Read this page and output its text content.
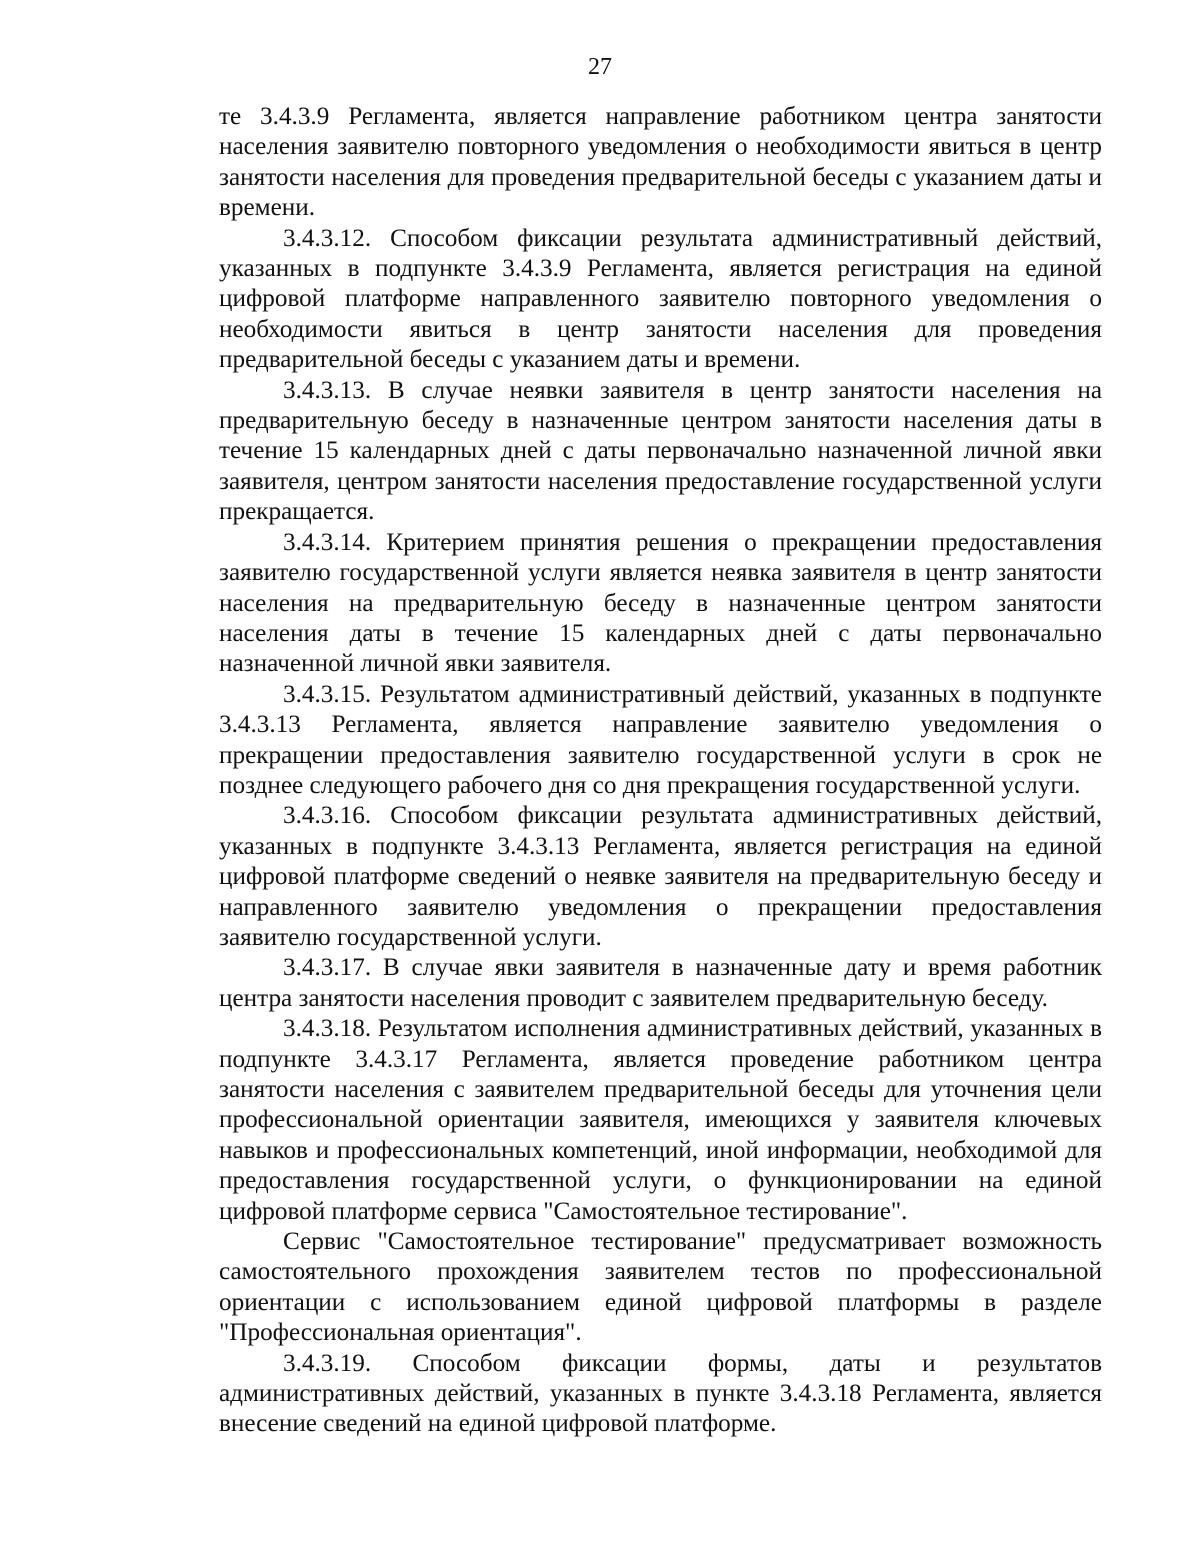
27

те 3.4.3.9 Регламента, является направление работником центра занятости населения заявителю повторного уведомления о необходимости явиться в центр занятости населения для проведения предварительной беседы с указанием даты и времени.

3.4.3.12. Способом фиксации результата административный действий, указанных в подпункте 3.4.3.9 Регламента, является регистрация на единой цифровой платформе направленного заявителю повторного уведомления о необходимости явиться в центр занятости населения для проведения предварительной беседы с указанием даты и времени.

3.4.3.13. В случае неявки заявителя в центр занятости населения на предварительную беседу в назначенные центром занятости населения даты в течение 15 календарных дней с даты первоначально назначенной личной явки заявителя, центром занятости населения предоставление государственной услуги прекращается.

3.4.3.14. Критерием принятия решения о прекращении предоставления заявителю государственной услуги является неявка заявителя в центр занятости населения на предварительную беседу в назначенные центром занятости населения даты в течение 15 календарных дней с даты первоначально назначенной личной явки заявителя.

3.4.3.15. Результатом административный действий, указанных в подпункте 3.4.3.13 Регламента, является направление заявителю уведомления о прекращении предоставления заявителю государственной услуги в срок не позднее следующего рабочего дня со дня прекращения государственной услуги.

3.4.3.16. Способом фиксации результата административных действий, указанных в подпункте 3.4.3.13 Регламента, является регистрация на единой цифровой платформе сведений о неявке заявителя на предварительную беседу и направленного заявителю уведомления о прекращении предоставления заявителю государственной услуги.

3.4.3.17. В случае явки заявителя в назначенные дату и время работник центра занятости населения проводит с заявителем предварительную беседу.

3.4.3.18. Результатом исполнения административных действий, указанных в подпункте 3.4.3.17 Регламента, является проведение работником центра занятости населения с заявителем предварительной беседы для уточнения цели профессиональной ориентации заявителя, имеющихся у заявителя ключевых навыков и профессиональных компетенций, иной информации, необходимой для предоставления государственной услуги, о функционировании на единой цифровой платформе сервиса "Самостоятельное тестирование".

Сервис "Самостоятельное тестирование" предусматривает возможность самостоятельного прохождения заявителем тестов по профессиональной ориентации с использованием единой цифровой платформы в разделе "Профессиональная ориентация".

3.4.3.19. Способом фиксации формы, даты и результатов административных действий, указанных в пункте 3.4.3.18 Регламента, является внесение сведений на единой цифровой платформе.
